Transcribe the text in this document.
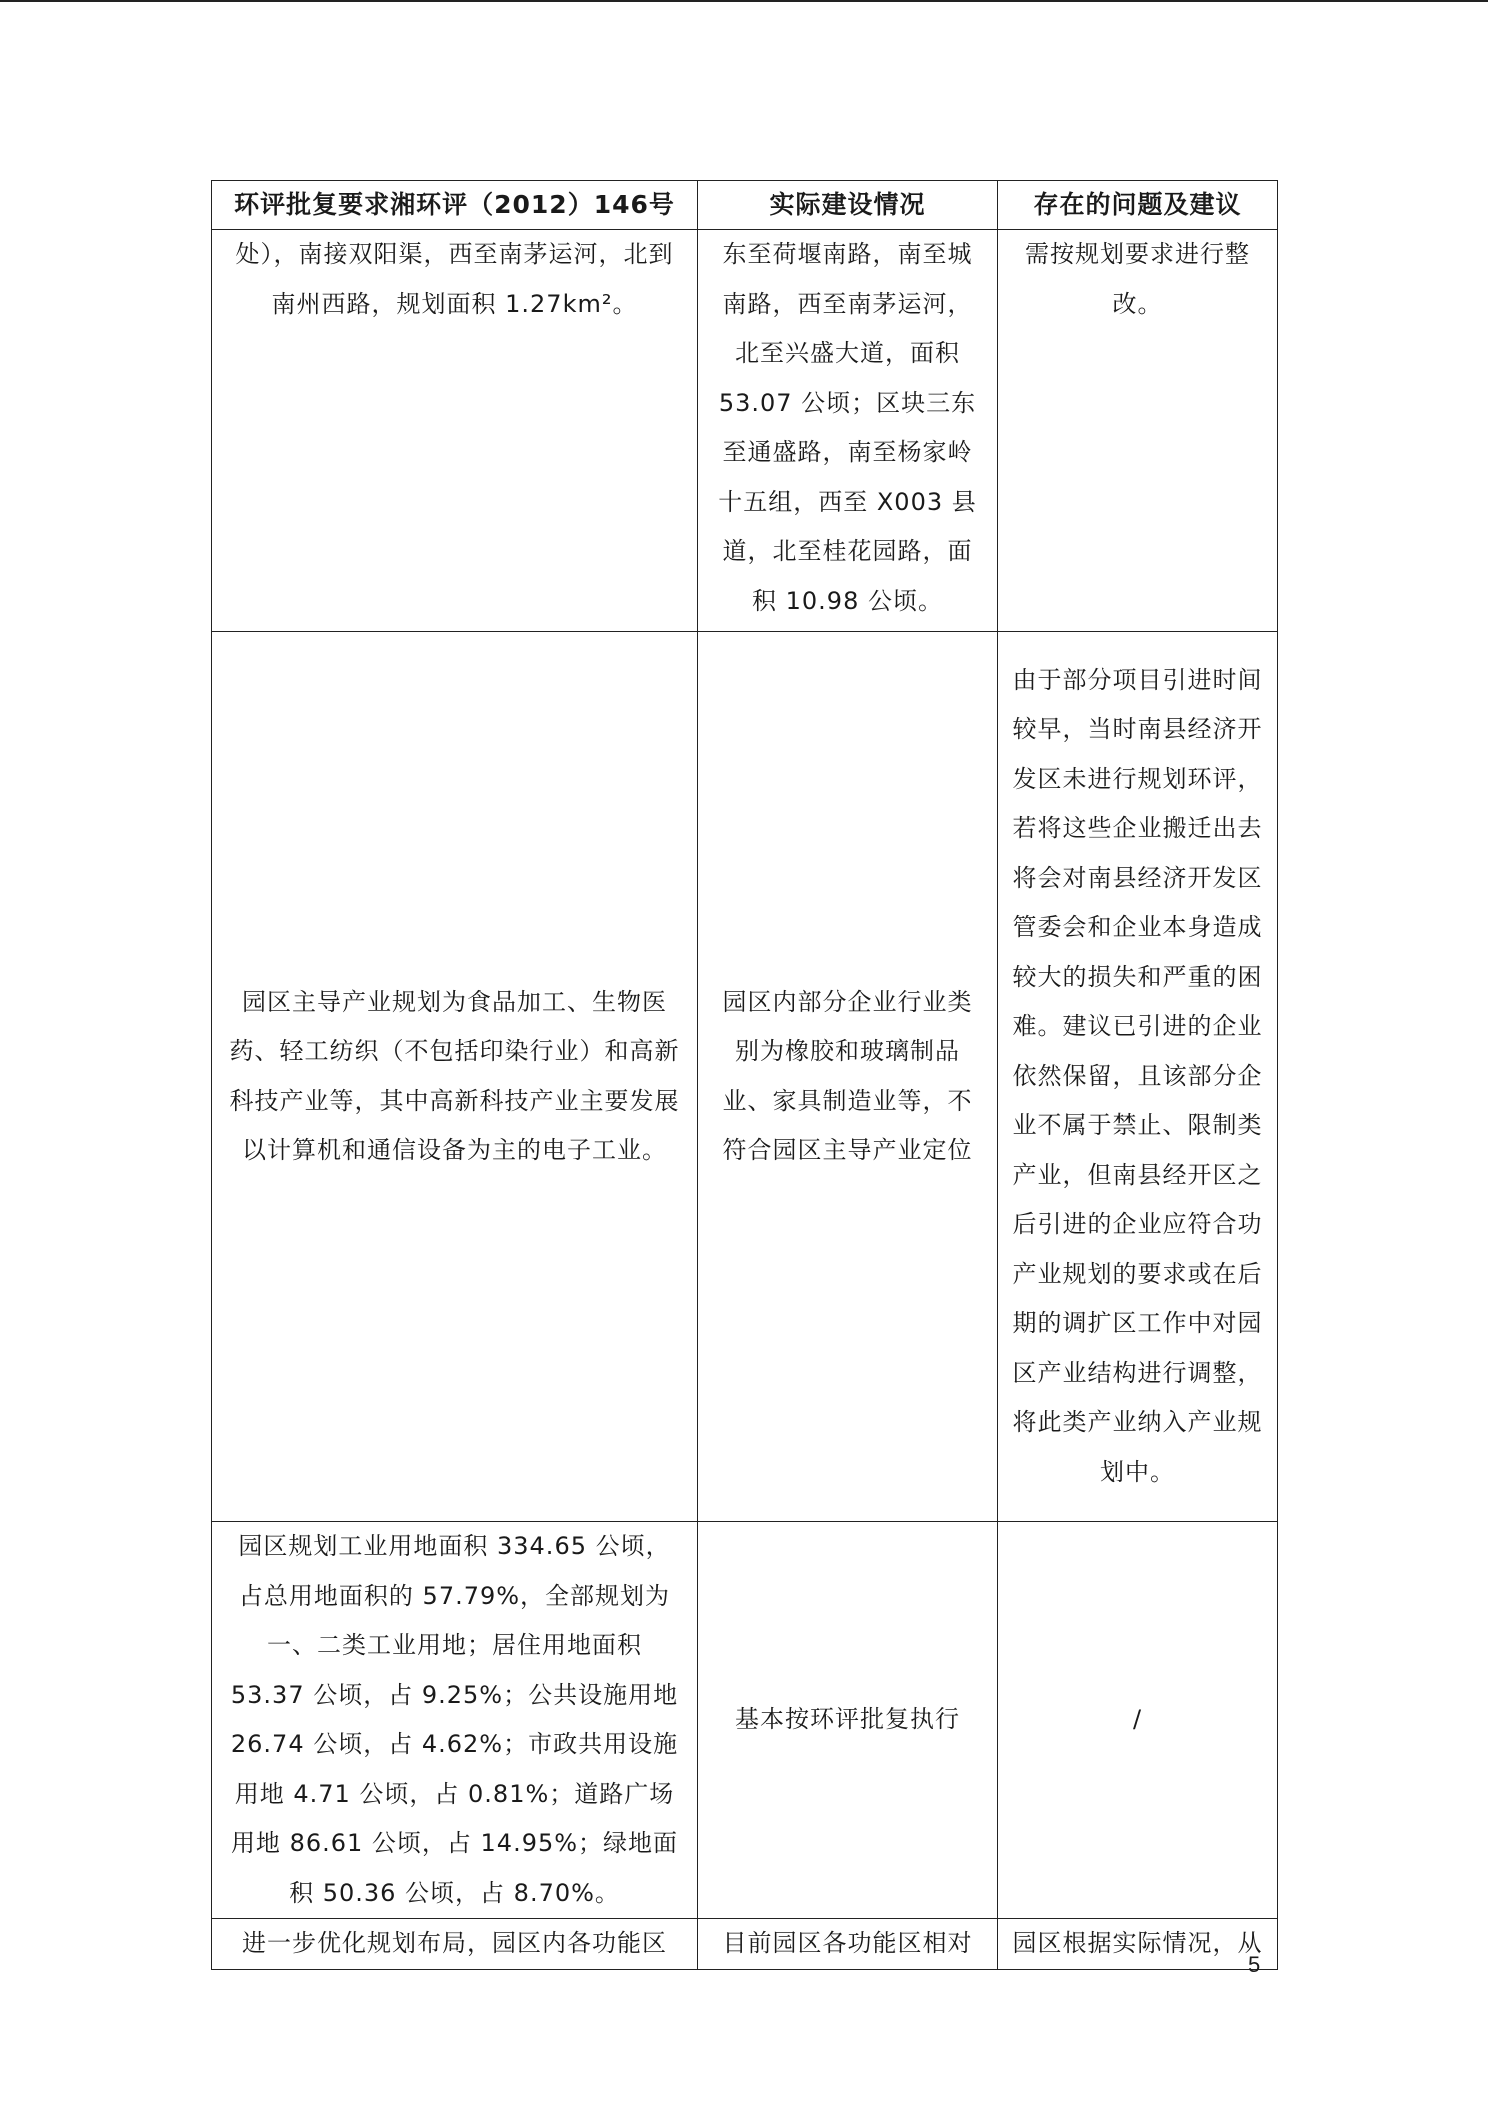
环评批复要求湘环评（2012）146号	实际建设情况	存在的问题及建议
处），南接双阳渠，西至南茅运河，北到南州西路，规划面积 1.27km²。	东至荷堰南路，南至城南路，西至南茅运河，北至兴盛大道，面积 53.07 公顷；区块三东至通盛路，南至杨家岭十五组，西至 X003 县道，北至桂花园路，面积 10.98 公顷。	需按规划要求进行整改。
园区主导产业规划为食品加工、生物医药、轻工纺织（不包括印染行业）和高新科技产业等，其中高新科技产业主要发展以计算机和通信设备为主的电子工业。	园区内部分企业行业类别为橡胶和玻璃制品业、家具制造业等，不符合园区主导产业定位	由于部分项目引进时间较早，当时南县经济开发区未进行规划环评，若将这些企业搬迁出去将会对南县经济开发区管委会和企业本身造成较大的损失和严重的困难。建议已引进的企业依然保留，且该部分企业不属于禁止、限制类产业，但南县经开区之后引进的企业应符合功产业规划的要求或在后期的调扩区工作中对园区产业结构进行调整，将此类产业纳入产业规划中。
园区规划工业用地面积 334.65 公顷，占总用地面积的 57.79%，全部规划为一、二类工业用地；居住用地面积 53.37 公顷，占 9.25%；公共设施用地 26.74 公顷，占 4.62%；市政共用设施用地 4.71 公顷，占 0.81%；道路广场用地 86.61 公顷，占 14.95%；绿地面积 50.36 公顷，占 8.70%。	基本按环评批复执行	/
进一步优化规划布局，园区内各功能区	目前园区各功能区相对	园区根据实际情况，从
5
